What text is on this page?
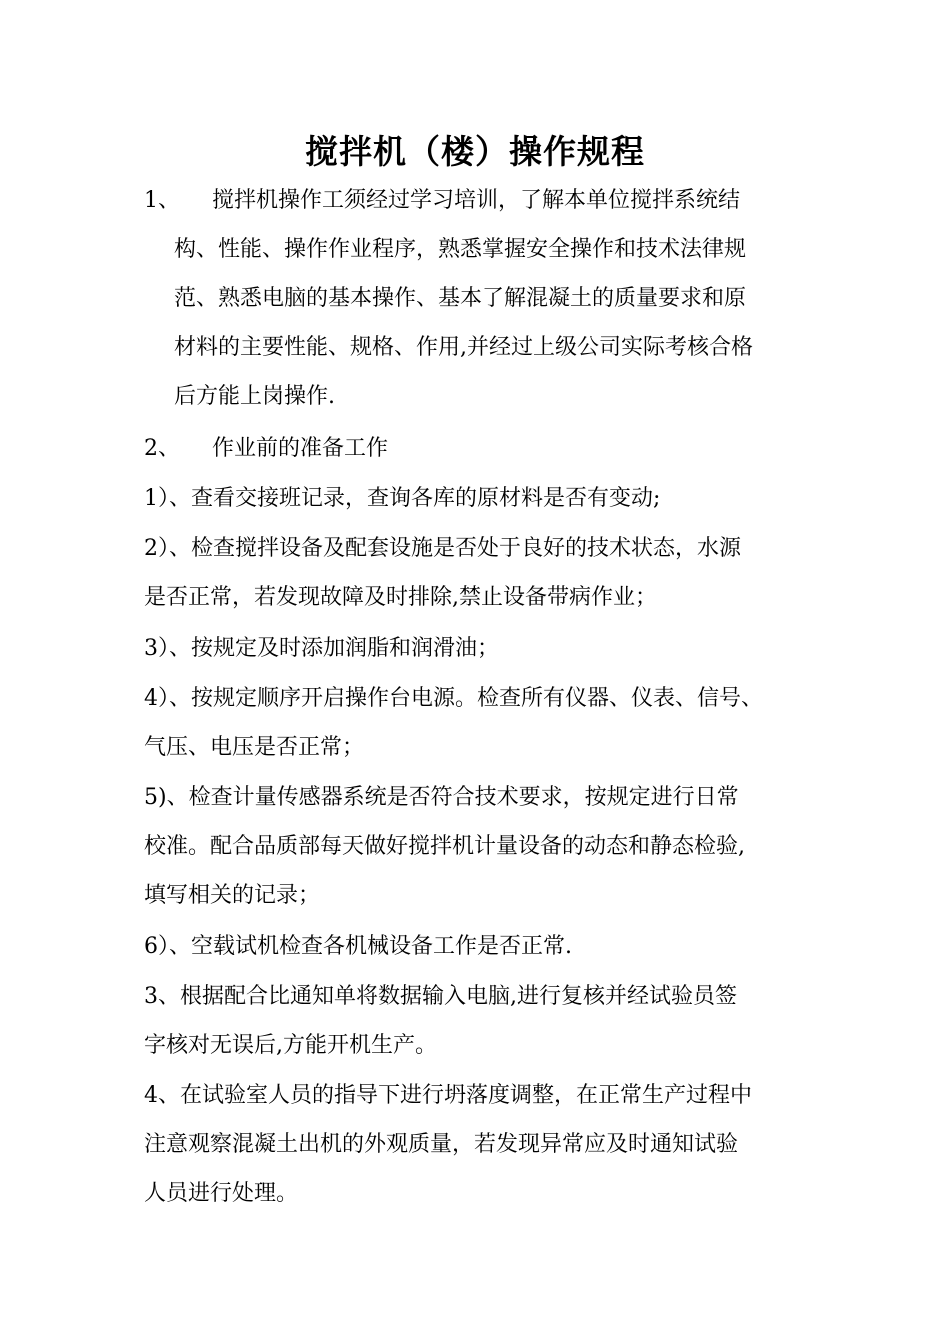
搅拌机（楼）操作规程
1、 搅拌机操作工须经过学习培训，了解本单位搅拌系统结
构、性能、操作作业程序，熟悉掌握安全操作和技术法律规
范、熟悉电脑的基本操作、基本了解混凝土的质量要求和原
材料的主要性能、规格、作用,并经过上级公司实际考核合格
后方能上岗操作.
2、 作业前的准备工作
1）、查看交接班记录，查询各库的原材料是否有变动;
2）、检查搅拌设备及配套设施是否处于良好的技术状态，水源
是否正常，若发现故障及时排除,禁止设备带病作业；
3）、按规定及时添加润脂和润滑油；
4）、按规定顺序开启操作台电源。检查所有仪器、仪表、信号、
气压、电压是否正常；
5)、检查计量传感器系统是否符合技术要求，按规定进行日常
校准。配合品质部每天做好搅拌机计量设备的动态和静态检验,
填写相关的记录；
6）、空载试机检查各机械设备工作是否正常.
3、根据配合比通知单将数据输入电脑,进行复核并经试验员签
字核对无误后,方能开机生产。
4、在试验室人员的指导下进行坍落度调整，在正常生产过程中
注意观察混凝土出机的外观质量，若发现异常应及时通知试验
人员进行处理。
